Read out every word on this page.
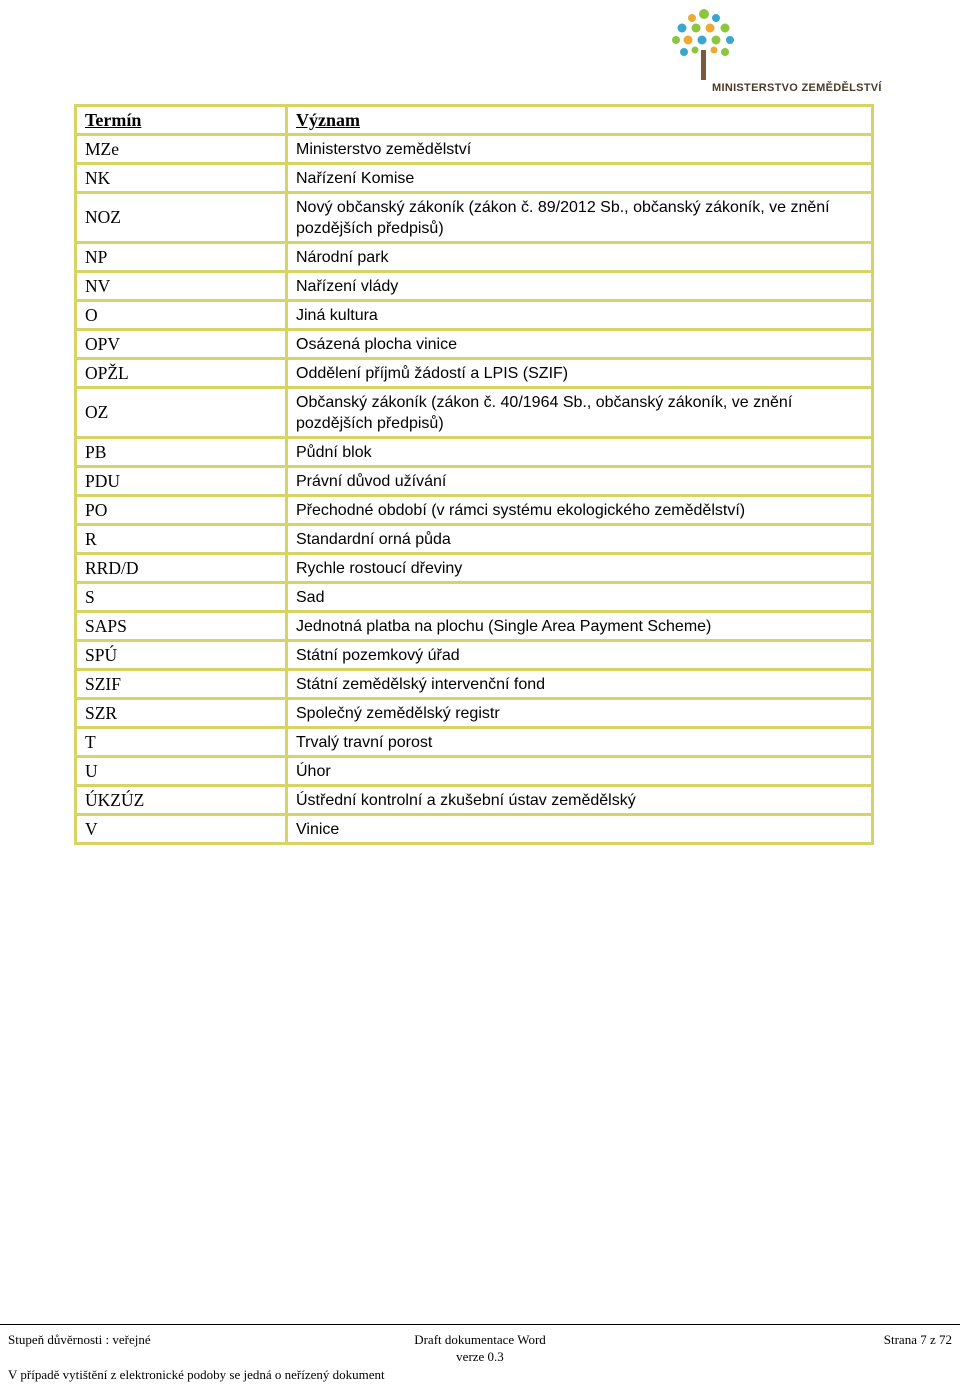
MINISTERSTVO ZEMĚDĚLSTVÍ
Termín	Význam
MZe	Ministerstvo zemědělství
NK	Nařízení Komise
NOZ	Nový občanský zákoník (zákon č. 89/2012 Sb., občanský zákoník, ve znění pozdějších předpisů)
NP	Národní park
NV	Nařízení vlády
O	Jiná kultura
OPV	Osázená plocha vinice
OPŽL	Oddělení příjmů žádostí a LPIS (SZIF)
OZ	Občanský zákoník (zákon č. 40/1964 Sb., občanský zákoník, ve znění pozdějších předpisů)
PB	Půdní blok
PDU	Právní důvod užívání
PO	Přechodné období (v rámci systému ekologického zemědělství)
R	Standardní orná půda
RRD/D	Rychle rostoucí dřeviny
S	Sad
SAPS	Jednotná platba na plochu (Single Area Payment Scheme)
SPÚ	Státní pozemkový úřad
SZIF	Státní zemědělský intervenční fond
SZR	Společný zemědělský registr
T	Trvalý travní porost
U	Úhor
ÚKZÚZ	Ústřední kontrolní a zkušební ústav zemědělský
V	Vinice
Stupeň důvěrnosti : veřejné	Draft dokumentace Word
verze 0.3
Strana 7 z 72
V případě vytištění z elektronické podoby se jedná o neřízený dokument
